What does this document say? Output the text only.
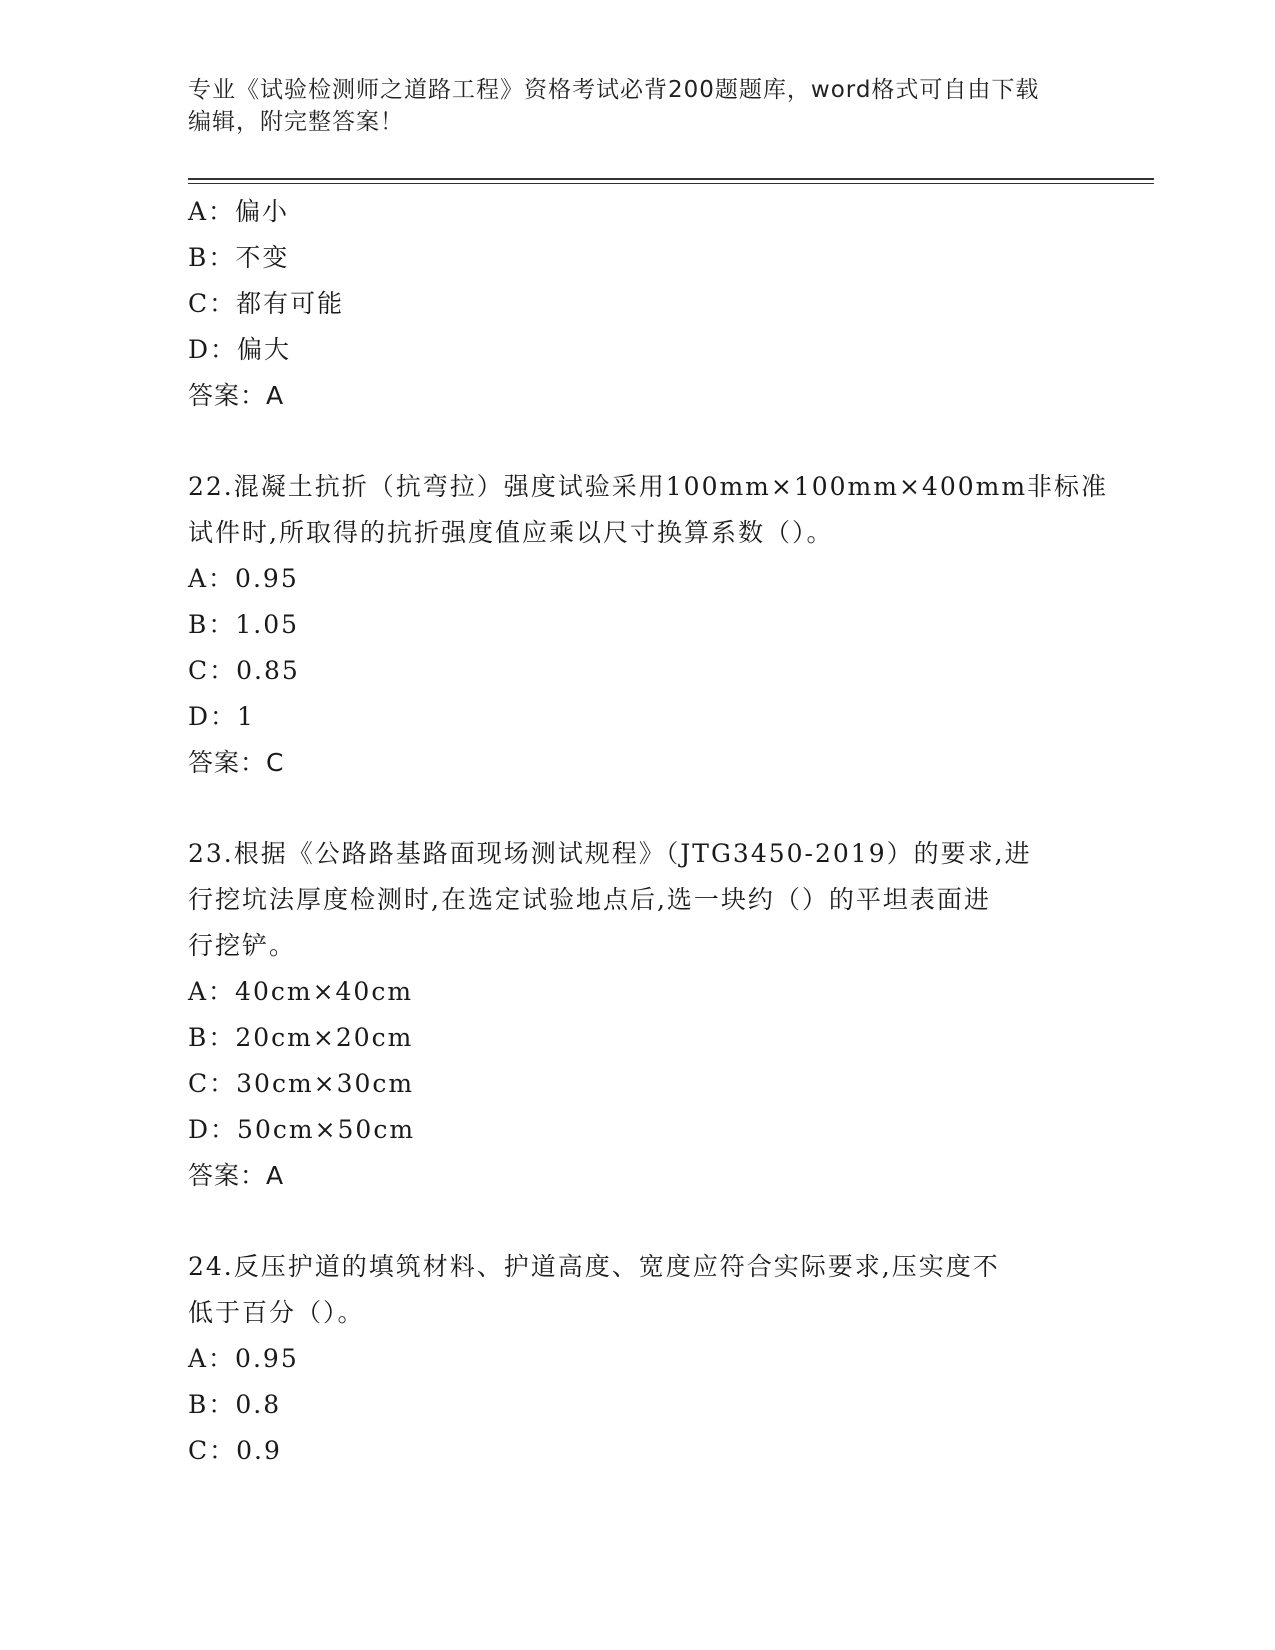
专业《试验检测师之道路工程》资格考试必背200题题库，word格式可自由下载
编辑，附完整答案！
A：偏小
B：不变
C：都有可能
D：偏大
答案：A
22.混凝土抗折（抗弯拉）强度试验采用100mm×100mm×400mm非标准
试件时,所取得的抗折强度值应乘以尺寸换算系数（）。
A：0.95
B：1.05
C：0.85
D：1
答案：C
23.根据《公路路基路面现场测试规程》（JTG3450-2019）的要求,进
行挖坑法厚度检测时,在选定试验地点后,选一块约（）的平坦表面进
行挖铲。
A：40cm×40cm
B：20cm×20cm
C：30cm×30cm
D：50cm×50cm
答案：A
24.反压护道的填筑材料、护道高度、宽度应符合实际要求,压实度不
低于百分（）。
A：0.95
B：0.8
C：0.9
